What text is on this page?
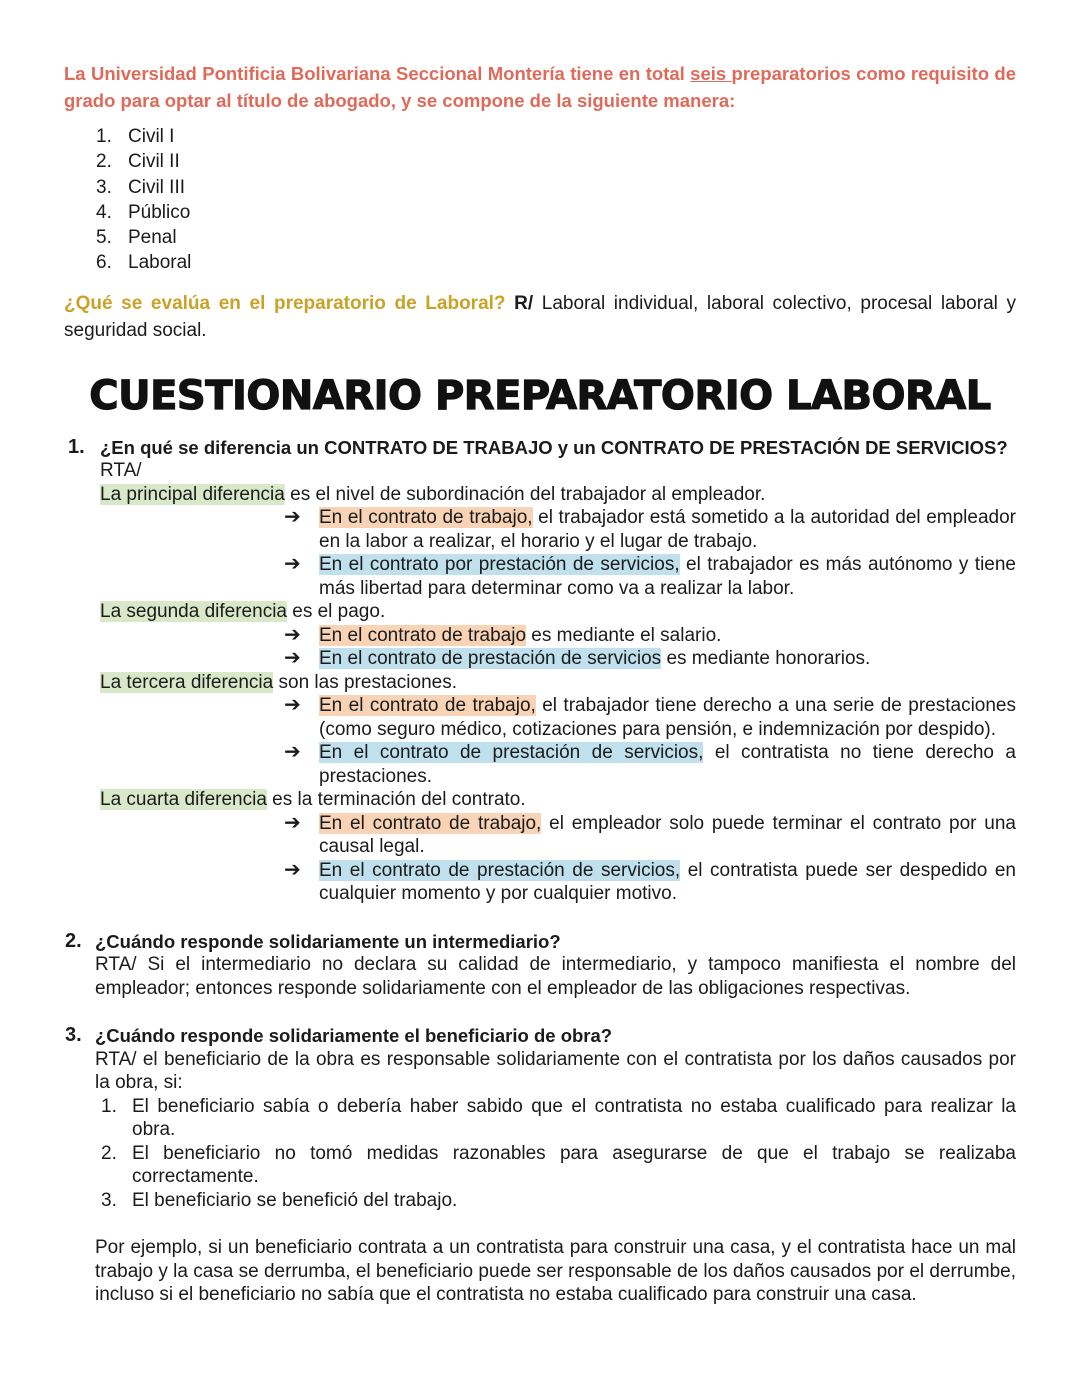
La Universidad Pontificia Bolivariana Seccional Montería tiene en total seis preparatorios como requisito de grado para optar al título de abogado, y se compone de la siguiente manera:

1. Civil I
2. Civil II
3. Civil III
4. Público
5. Penal
6. Laboral

¿Qué se evalúa en el preparatorio de Laboral? R/ Laboral individual, laboral colectivo, procesal laboral y seguridad social.

CUESTIONARIO PREPARATORIO LABORAL
1. ¿En qué se diferencia un CONTRATO DE TRABAJO y un CONTRATO DE PRESTACIÓN DE SERVICIOS?

RTA/

La principal diferencia es el nivel de subordinación del trabajador al empleador.

➔ En el contrato de trabajo, el trabajador está sometido a la autoridad del empleador en la labor a realizar, el horario y el lugar de trabajo.
➔ En el contrato por prestación de servicios, el trabajador es más autónomo y tiene más libertad para determinar como va a realizar la labor.

La segunda diferencia es el pago.

➔ En el contrato de trabajo es mediante el salario.
➔ En el contrato de prestación de servicios es mediante honorarios.

La tercera diferencia son las prestaciones.

➔ En el contrato de trabajo, el trabajador tiene derecho a una serie de prestaciones (como seguro médico, cotizaciones para pensión, e indemnización por despido).
➔ En el contrato de prestación de servicios, el contratista no tiene derecho a prestaciones.

La cuarta diferencia es la terminación del contrato.

➔ En el contrato de trabajo, el empleador solo puede terminar el contrato por una causal legal.
➔ En el contrato de prestación de servicios, el contratista puede ser despedido en cualquier momento y por cualquier motivo.
2. ¿Cuándo responde solidariamente un intermediario?

RTA/ Si el intermediario no declara su calidad de intermediario, y tampoco manifiesta el nombre del empleador; entonces responde solidariamente con el empleador de las obligaciones respectivas.

3. ¿Cuándo responde solidariamente el beneficiario de obra?

RTA/ el beneficiario de la obra es responsable solidariamente con el contratista por los daños causados por la obra, si:

1. El beneficiario sabía o debería haber sabido que el contratista no estaba cualificado para realizar la obra.
2. El beneficiario no tomó medidas razonables para asegurarse de que el trabajo se realizaba correctamente.
3. El beneficiario se benefició del trabajo.

Por ejemplo, si un beneficiario contrata a un contratista para construir una casa, y el contratista hace un mal trabajo y la casa se derrumba, el beneficiario puede ser responsable de los daños causados por el derrumbe, incluso si el beneficiario no sabía que el contratista no estaba cualificado para construir una casa.
